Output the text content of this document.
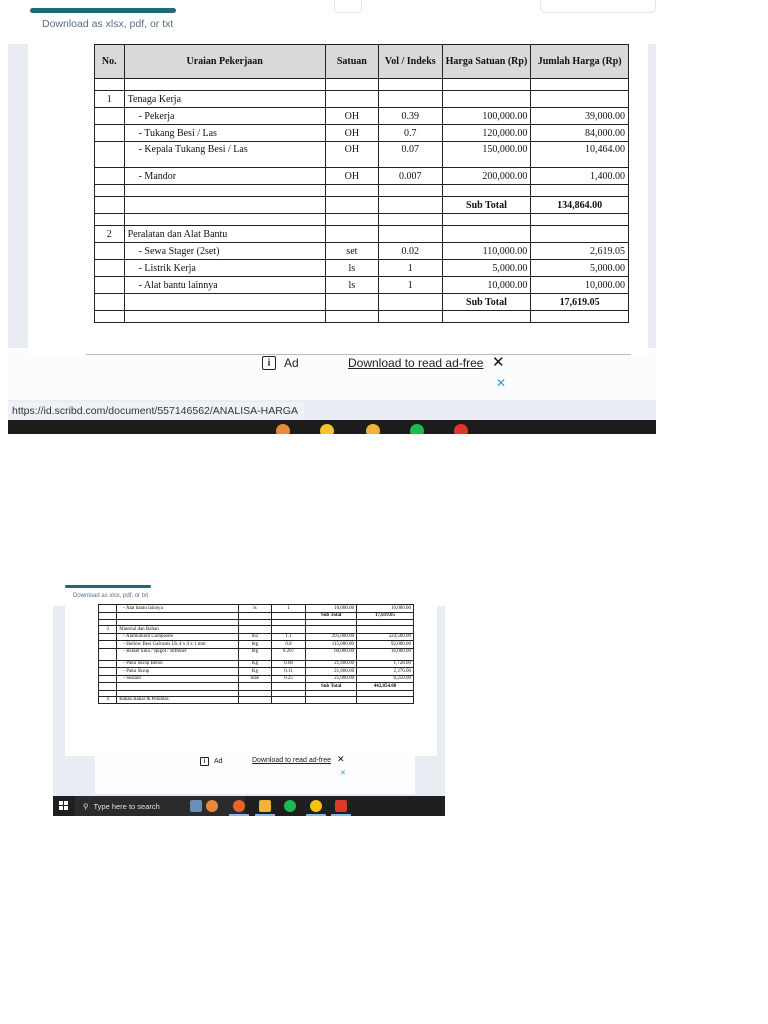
Download as xlsx, pdf, or txt
No.	Uraian Pekerjaan	Satuan	Vol / Indeks	Harga Satuan (Rp)	Jumlah Harga (Rp)

1	Tenaga Kerja				
	- Pekerja	OH	0.39	100,000.00	39,000.00
	- Tukang Besi / Las	OH	0.7	120,000.00	84,000.00
	- Kepala Tukang Besi / Las	OH	0.07	150,000.00	10,464.00
	- Mandor	OH	0.007	200,000.00	1,400.00

				Sub Total	134,864.00

2	Peralatan dan Alat Bantu				
	- Sewa Stager (2set)	set	0.02	110,000.00	2,619.05
	- Listrik Kerja	ls	1	5,000.00	5,000.00
	- Alat bantu lainnya	ls	1	10,000.00	10,000.00
				Sub Total	17,619.05

i	Ad	Download to read ad-free ✕
✕
https://id.scribd.com/document/557146562/ANALISA-HARGA
Download as xlsx, pdf, or txt
	- Alat bantu lainnya	ls	1	10,000.00	10,000.00
				Sub Total	17,619.05

3	Material dan Bahan				
	- Alumunium Composite	m2	1.1	295,000.00	324,500.00
	- Hollow Besi Galvanis Uk 4 x 4 x 1 mm	btg	0.8	115,000.00	92,000.00
	- Braket Siku / spigot / stiffener	btg	0.267	60,000.00	16,000.00
	- Paku Skrup Beton	Kg	0.08	21,600.00	1,728.00
	- Paku Skrup	Kg	0.11	21,600.00	2,376.00
	- Sealant	tube	0.25	25,000.00	6,250.00
				Sub Total	442,854.00

4	Bahan Bakar & Pelumas				
i	Ad	Download to read ad-free ✕
✕
⚲ Type here to search
